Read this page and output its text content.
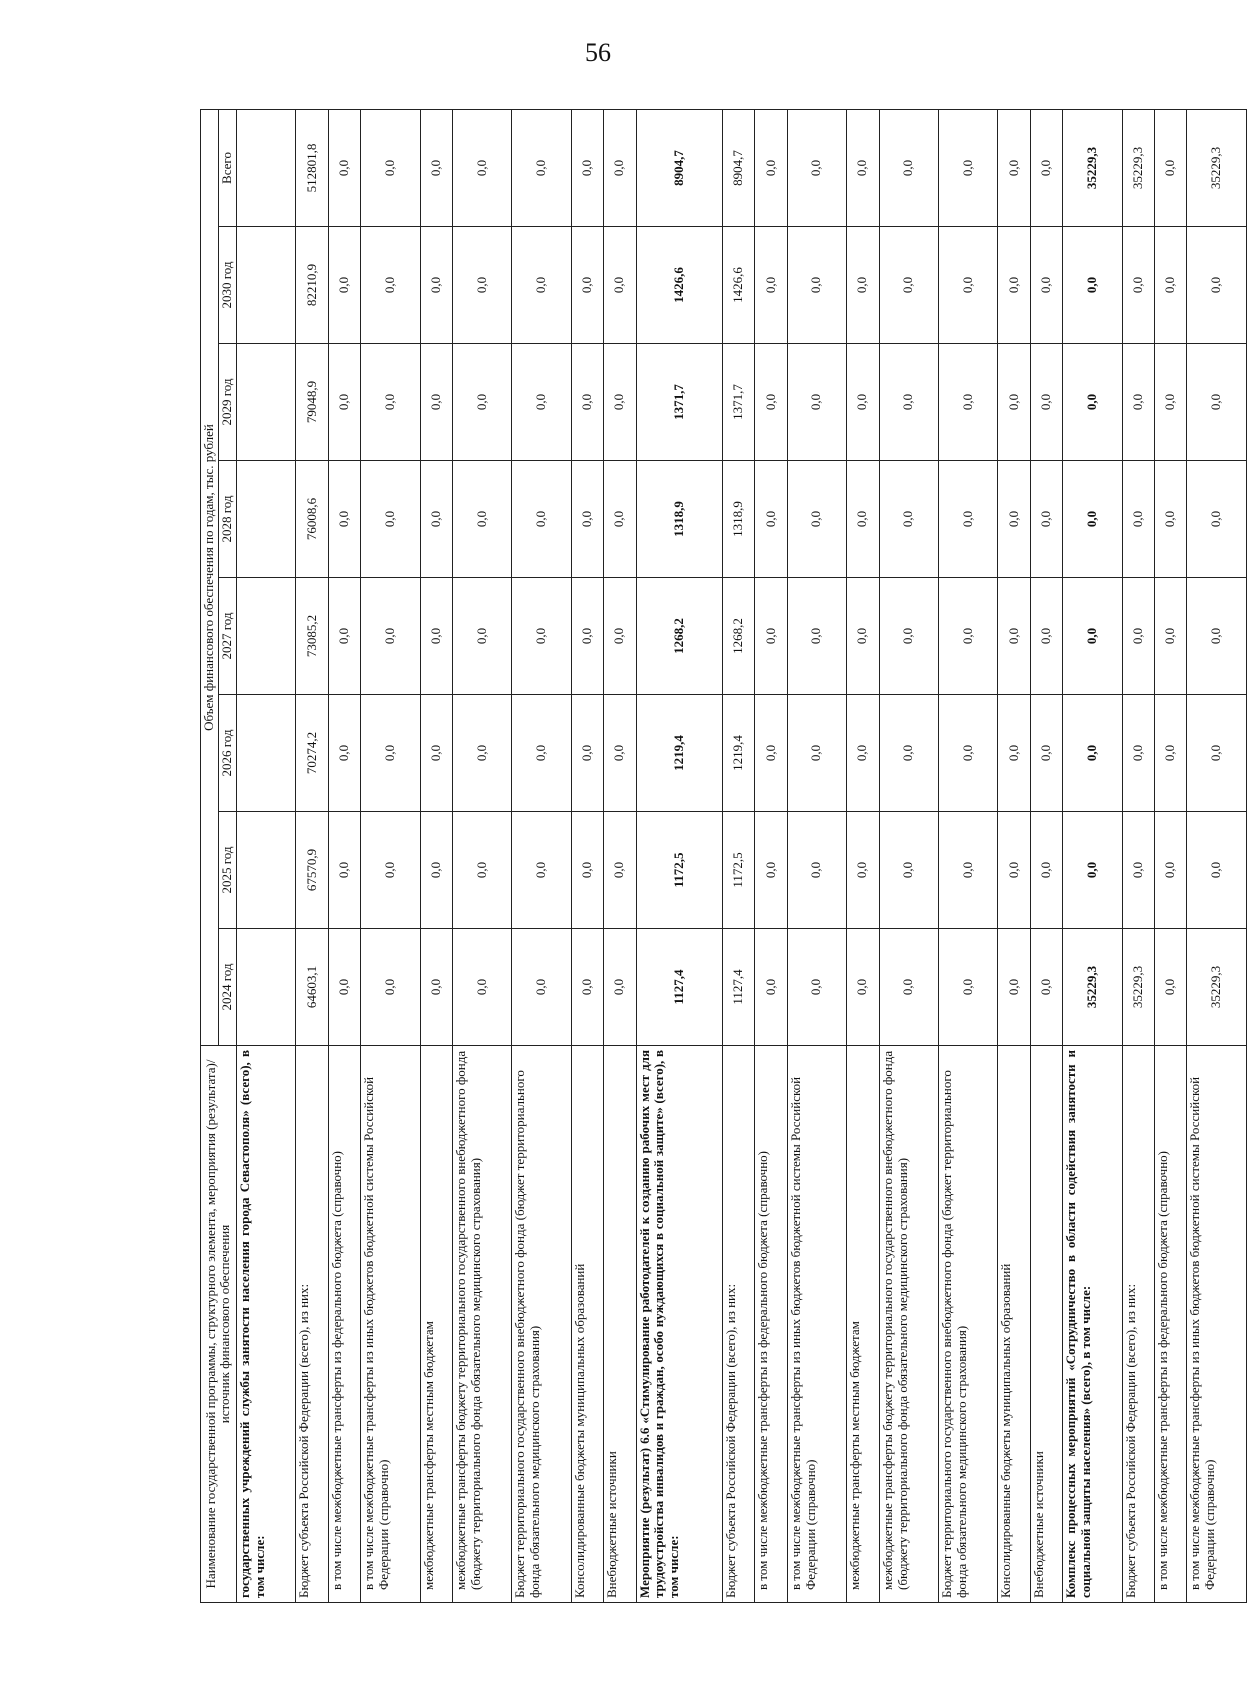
56
Наименование государственной программы, структурного элемента, мероприятия (результата)/источник финансового обеспечения	Объем финансового обеспечения по годам, тыс. рублей							
	2024 год	2025 год	2026 год	2027 год	2028 год	2029 год	2030 год	Всего
государственных учреждений службы занятости населения города Севастополя» (всего), в том числе:								
Бюджет субъекта Российской Федерации (всего), из них:	64603,1	67570,9	70274,2	73085,2	76008,6	79048,9	82210,9	512801,8
в том числе межбюджетные трансферты из федерального бюджета (справочно)	0,0	0,0	0,0	0,0	0,0	0,0	0,0	0,0
в том числе межбюджетные трансферты из иных бюджетов бюджетной системы Российской Федерации (справочно)	0,0	0,0	0,0	0,0	0,0	0,0	0,0	0,0
межбюджетные трансферты местным бюджетам	0,0	0,0	0,0	0,0	0,0	0,0	0,0	0,0
межбюджетные трансферты бюджету территориального государственного внебюджетного фонда (бюджету территориального фонда обязательного медицинского страхования)	0,0	0,0	0,0	0,0	0,0	0,0	0,0	0,0
Бюджет территориального государственного внебюджетного фонда (бюджет территориального фонда обязательного медицинского страхования)	0,0	0,0	0,0	0,0	0,0	0,0	0,0	0,0
Консолидированные бюджеты муниципальных образований	0,0	0,0	0,0	0,0	0,0	0,0	0,0	0,0
Внебюджетные источники	0,0	0,0	0,0	0,0	0,0	0,0	0,0	0,0
Мероприятие (результат) 6.6 «Стимулирование работодателей к созданию рабочих мест для трудоустройства инвалидов и граждан, особо нуждающихся в социальной защите» (всего), в том числе:	1127,4	1172,5	1219,4	1268,2	1318,9	1371,7	1426,6	8904,7
Бюджет субъекта Российской Федерации (всего), из них:	1127,4	1172,5	1219,4	1268,2	1318,9	1371,7	1426,6	8904,7
в том числе межбюджетные трансферты из федерального бюджета (справочно)	0,0	0,0	0,0	0,0	0,0	0,0	0,0	0,0
в том числе межбюджетные трансферты из иных бюджетов бюджетной системы Российской Федерации (справочно)	0,0	0,0	0,0	0,0	0,0	0,0	0,0	0,0
межбюджетные трансферты местным бюджетам	0,0	0,0	0,0	0,0	0,0	0,0	0,0	0,0
межбюджетные трансферты бюджету территориального государственного внебюджетного фонда (бюджету территориального фонда обязательного медицинского страхования)	0,0	0,0	0,0	0,0	0,0	0,0	0,0	0,0
Бюджет территориального государственного внебюджетного фонда (бюджет территориального фонда обязательного медицинского страхования)	0,0	0,0	0,0	0,0	0,0	0,0	0,0	0,0
Консолидированные бюджеты муниципальных образований	0,0	0,0	0,0	0,0	0,0	0,0	0,0	0,0
Внебюджетные источники	0,0	0,0	0,0	0,0	0,0	0,0	0,0	0,0
Комплекс процессных мероприятий «Сотрудничество в области содействия занятости и социальной защиты населения» (всего), в том числе:	35229,3	0,0	0,0	0,0	0,0	0,0	0,0	35229,3
Бюджет субъекта Российской Федерации (всего), из них:	35229,3	0,0	0,0	0,0	0,0	0,0	0,0	35229,3
в том числе межбюджетные трансферты из федерального бюджета (справочно)	0,0	0,0	0,0	0,0	0,0	0,0	0,0	0,0
в том числе межбюджетные трансферты из иных бюджетов бюджетной системы Российской Федерации (справочно)	35229,3	0,0	0,0	0,0	0,0	0,0	0,0	35229,3
